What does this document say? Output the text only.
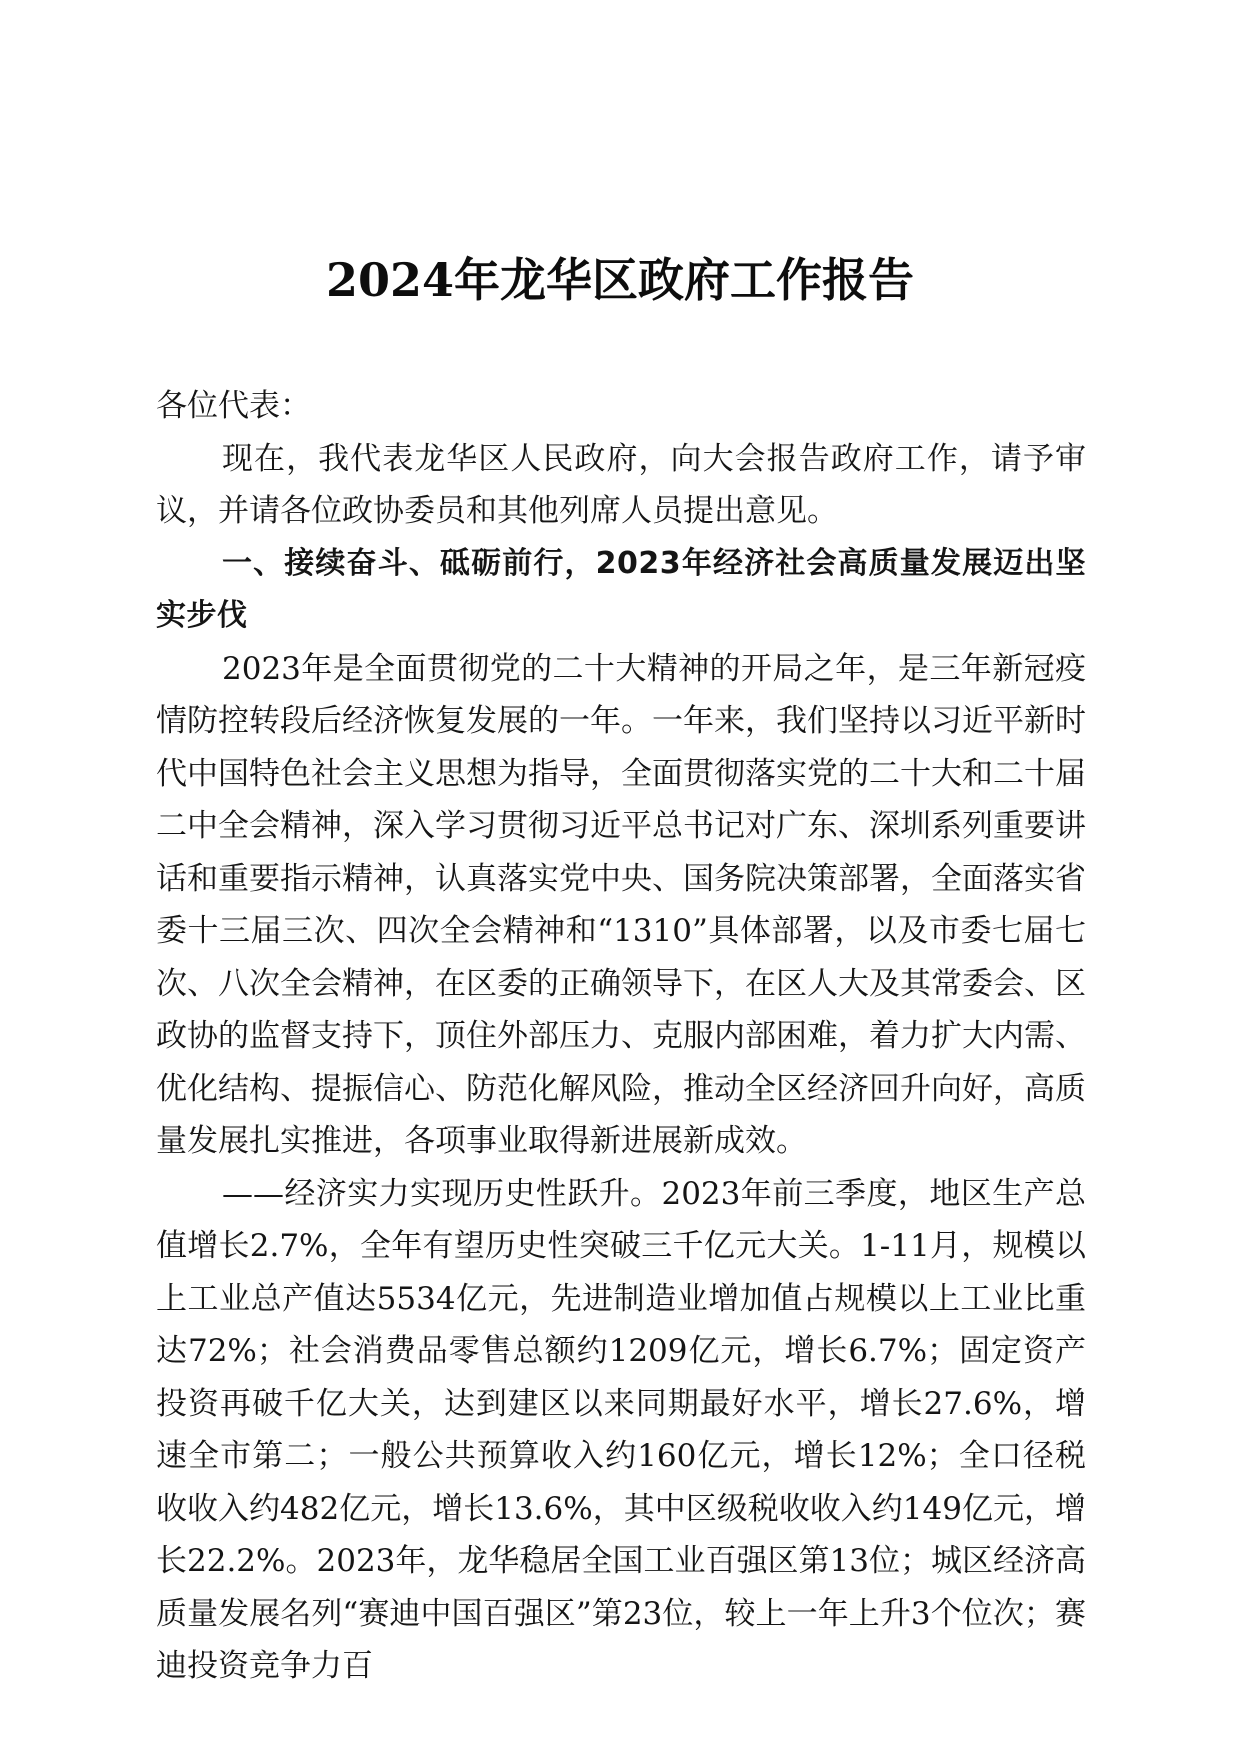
2024年龙华区政府工作报告

各位代表：

现在，我代表龙华区人民政府，向大会报告政府工作，请予审议，并请各位政协委员和其他列席人员提出意见。

一、接续奋斗、砥砺前行，2023年经济社会高质量发展迈出坚实步伐

2023年是全面贯彻党的二十大精神的开局之年，是三年新冠疫情防控转段后经济恢复发展的一年。一年来，我们坚持以习近平新时代中国特色社会主义思想为指导，全面贯彻落实党的二十大和二十届二中全会精神，深入学习贯彻习近平总书记对广东、深圳系列重要讲话和重要指示精神，认真落实党中央、国务院决策部署，全面落实省委十三届三次、四次全会精神和“1310”具体部署，以及市委七届七次、八次全会精神，在区委的正确领导下，在区人大及其常委会、区政协的监督支持下，顶住外部压力、克服内部困难，着力扩大内需、优化结构、提振信心、防范化解风险，推动全区经济回升向好，高质量发展扎实推进，各项事业取得新进展新成效。

——经济实力实现历史性跃升。2023年前三季度，地区生产总值增长2.7%，全年有望历史性突破三千亿元大关。1-11月，规模以上工业总产值达5534亿元，先进制造业增加值占规模以上工业比重达72%；社会消费品零售总额约1209亿元，增长6.7%；固定资产投资再破千亿大关，达到建区以来同期最好水平，增长27.6%，增速全市第二；一般公共预算收入约160亿元，增长12%；全口径税收收入约482亿元，增长13.6%，其中区级税收收入约149亿元，增长22.2%。2023年，龙华稳居全国工业百强区第13位；城区经济高质量发展名列“赛迪中国百强区”第23位，较上一年上升3个位次；赛迪投资竞争力百
